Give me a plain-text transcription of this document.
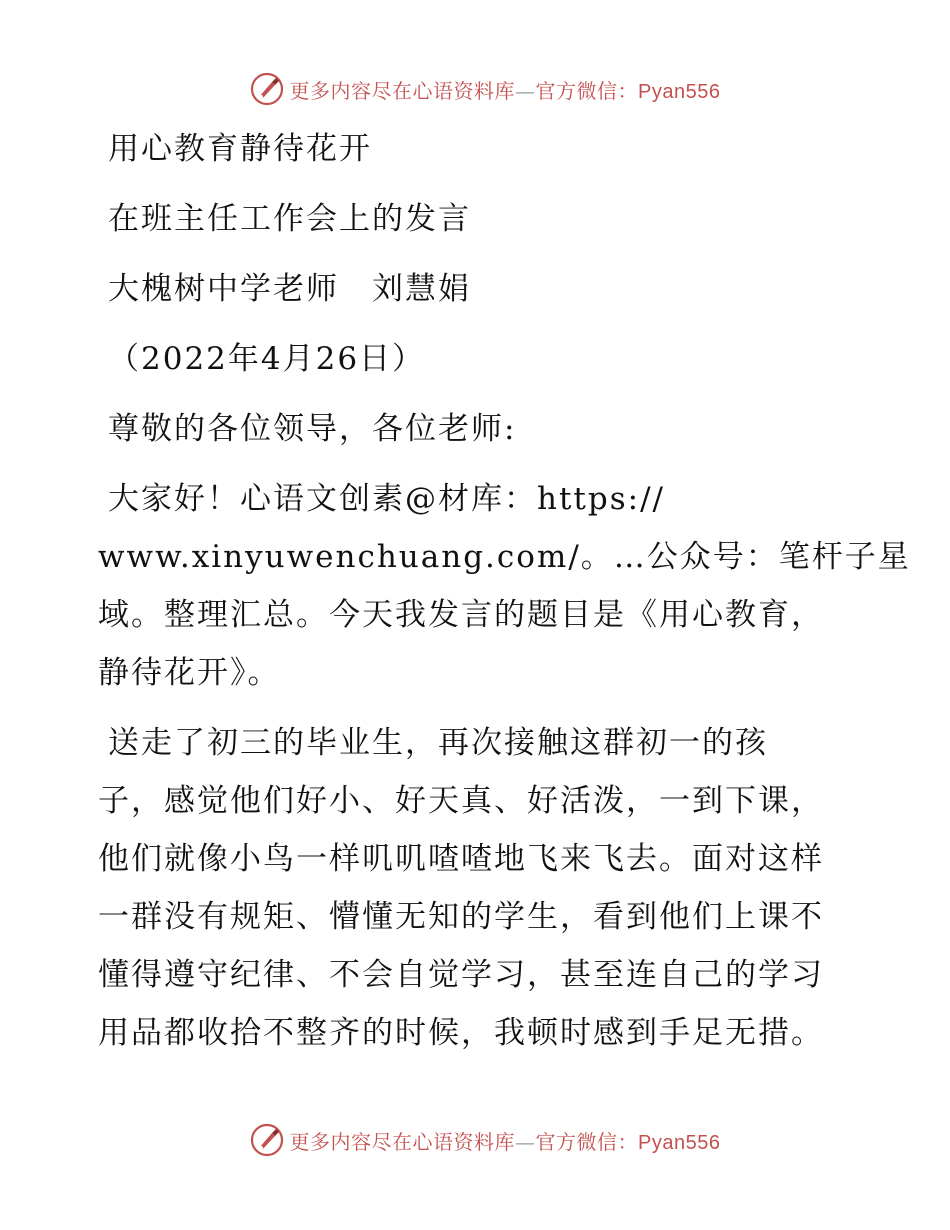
更多内容尽在心语资料库—官方微信：Pyan556
用心教育静待花开
在班主任工作会上的发言
大槐树中学老师　刘慧娟
（2022年4月26日）
尊敬的各位领导，各位老师:
大家好！心语文创素@材库：https://
www.xinyuwenchuang.com/。…公众号：笔杆子星
域。整理汇总。今天我发言的题目是《用心教育，
静待花开》。
送走了初三的毕业生，再次接触这群初一的孩
子，感觉他们好小、好天真、好活泼，一到下课，
他们就像小鸟一样叽叽喳喳地飞来飞去。面对这样
一群没有规矩、懵懂无知的学生，看到他们上课不
懂得遵守纪律、不会自觉学习，甚至连自己的学习
用品都收拾不整齐的时候，我顿时感到手足无措。
更多内容尽在心语资料库—官方微信：Pyan556
